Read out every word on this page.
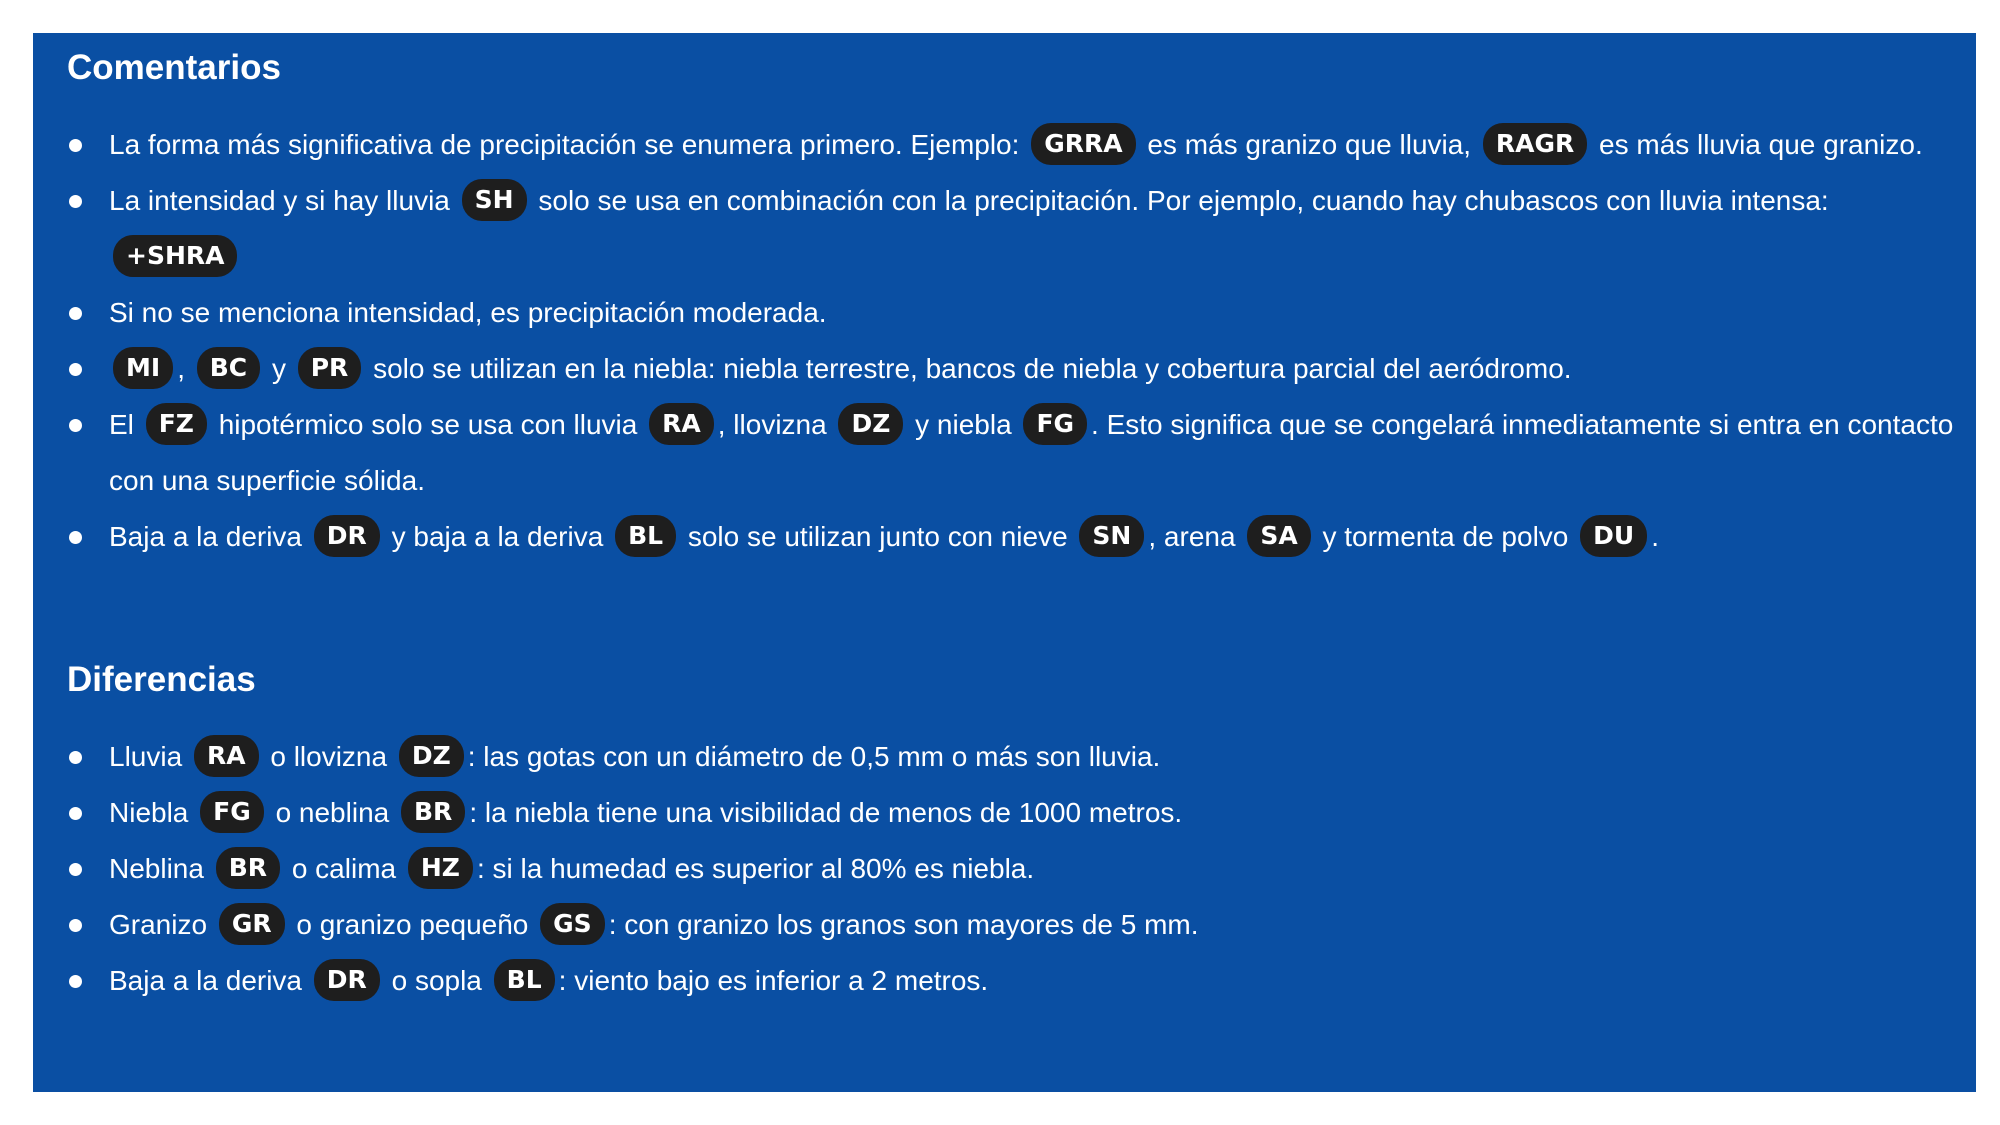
Comentarios
La forma más significativa de precipitación se enumera primero. Ejemplo: GRRA es más granizo que lluvia, RAGR es más lluvia que granizo.
La intensidad y si hay lluvia SH solo se usa en combinación con la precipitación. Por ejemplo, cuando hay chubascos con lluvia intensa:
+SHRA
Si no se menciona intensidad, es precipitación moderada.
MI , BC y PR solo se utilizan en la niebla: niebla terrestre, bancos de niebla y cobertura parcial del aeródromo.
El FZ hipotérmico solo se usa con lluvia RA , llovizna DZ y niebla FG . Esto significa que se congelará inmediatamente si entra en contacto con una superficie sólida.
Baja a la deriva DR y baja a la deriva BL solo se utilizan junto con nieve SN , arena SA y tormenta de polvo DU .
Diferencias
Lluvia RA o llovizna DZ : las gotas con un diámetro de 0,5 mm o más son lluvia.
Niebla FG o neblina BR : la niebla tiene una visibilidad de menos de 1000 metros.
Neblina BR o calima HZ : si la humedad es superior al 80% es niebla.
Granizo GR o granizo pequeño GS : con granizo los granos son mayores de 5 mm.
Baja a la deriva DR o sopla BL : viento bajo es inferior a 2 metros.
